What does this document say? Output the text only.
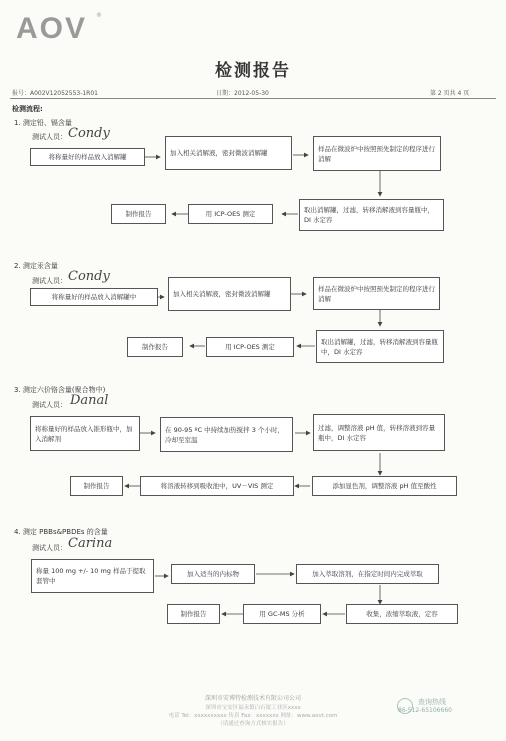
AOV ®
检测报告
报号：A002V12052553-1R01	日期：2012-05-30	第 2 页共 4 页
检测流程:
1. 测定铅、镉含量
测试人员： Condy
将称量好的样品放入消解罐	加入相关消解液，密封微波消解罐
样品在微波炉中按照预先制定的程序进行消解
取出消解罐，过滤，转移消解液到容量瓶中，DI 水定容
用 ICP-OES 测定
制作报告
2. 测定汞含量
测试人员： Condy
将称量好的样品放入消解罐中	加入相关消解液，密封微波消解罐
样品在微波炉中按照预先制定的程序进行消解
取出消解罐，过滤，转移消解液到容量瓶中，DI 水定容
用 ICP-OES 测定
制作报告
3. 测定六价铬含量(聚合物中)
测试人员： Danal
将称量好的样品放入锥形瓶中，加入消解剂
在 90-95 ºC 中持续加热搅拌 3 个小时，冷却至室温
过滤，调整溶液 pH 值，转移溶液到容量瓶中，DI 水定容
添加显色剂，调整溶液 pH 值至酸性
将溶液转移到吸收池中，UV－VIS 测定
制作报告
4. 测定 PBBs&PBDEs 的含量
测试人员： Carina
称量 100 mg +/- 10 mg 样品于提取套管中
加入适当的内标物	加入萃取溶剂，在指定时间内完成萃取
收集，浓缩萃取液，定容
用 GC-MS 分析
制作报告
深圳市安博特检测技术有限公司公司
深圳市宝安区福永镇白石厦工业区xxxx
电话 Tel：xxxxxxxxxx 传真 Fax：xxxxxxx 网址：www.aovt.com
（请通过查询方式核实报告）
查询热线
86-512-65106660
